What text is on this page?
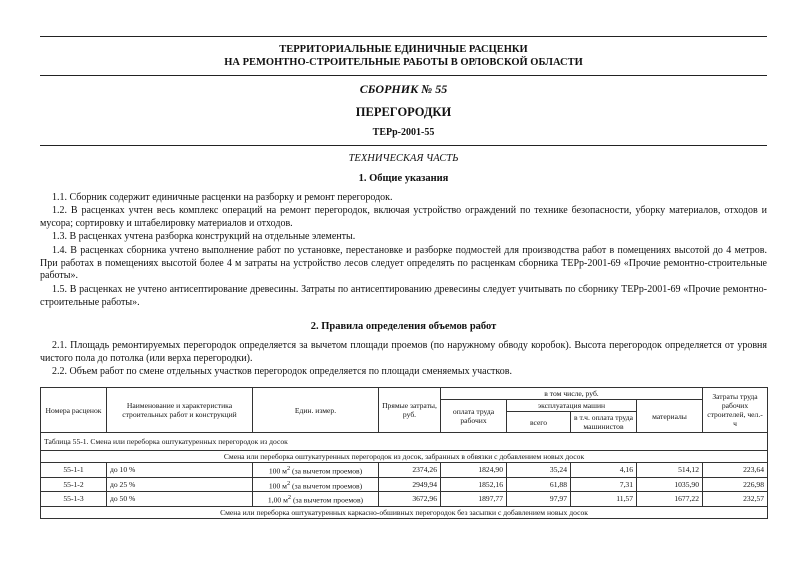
ТЕРРИТОРИАЛЬНЫЕ ЕДИНИЧНЫЕ РАСЦЕНКИ
НА РЕМОНТНО-СТРОИТЕЛЬНЫЕ РАБОТЫ В ОРЛОВСКОЙ ОБЛАСТИ
СБОРНИК № 55
ПЕРЕГОРОДКИ
ТЕРр-2001-55
ТЕХНИЧЕСКАЯ ЧАСТЬ
1. Общие указания
1.1. Сборник содержит единичные расценки на разборку и ремонт перегородок.
1.2. В расценках учтен весь комплекс операций на ремонт перегородок, включая устройство ограждений по технике безопасности, уборку материалов, отходов и мусора; сортировку и штабелировку материалов и отходов.
1.3. В расценках учтена разборка конструкций на отдельные элементы.
1.4. В расценках сборника учтено выполнение работ по установке, перестановке и разборке подмостей для производства работ в помещениях высотой до 4 метров. При работах в помещениях высотой более 4 м затраты на устройство лесов следует определять по расценкам сборника ТЕРр-2001-69 «Прочие ремонтно-строительные работы».
1.5. В расценках не учтено антисептирование древесины. Затраты по антисептированию древесины следует учитывать по сборнику ТЕРр-2001-69 «Прочие ремонтно-строительные работы».
2. Правила определения объемов работ
2.1. Площадь ремонтируемых перегородок определяется за вычетом площади проемов (по наружному обводу коробок). Высота перегородок определяется от уровня чистого пола до потолка (или верха перегородки).
2.2. Объем работ по смене отдельных участков перегородок определяется по площади сменяемых участков.
Номера расценок	Наименование и характеристика строительных работ и конструкций	Един. измер.	Прямые затраты, руб.	в том числе, руб.				Затраты труда рабочих строителей, чел.-ч
				оплата труда рабочих	эксплуатация машин		материалы	
					всего	в т.ч. оплата труда машинистов		
Таблица 55-1. Смена или переборка оштукатуренных перегородок из досок								
Смена или переборка оштукатуренных перегородок из досок, забранных в обвязки с добавлением новых досок								
55-1-1	до 10 %	100 $м^2$ (за вычетом проемов)	2374,26	1824,90	35,24	4,16	514,12	223,64
55-1-2	до 25 %	100 $м^2$ (за вычетом проемов)	2949,94	1852,16	61,88	7,31	1035,90	226,98
55-1-3	до 50 %	1,00 $м^2$ (за вычетом проемов)	3672,96	1897,77	97,97	11,57	1677,22	232,57
Смена или переборка оштукатуренных каркасно-обшивных перегородок без засыпки с добавлением новых досок								
